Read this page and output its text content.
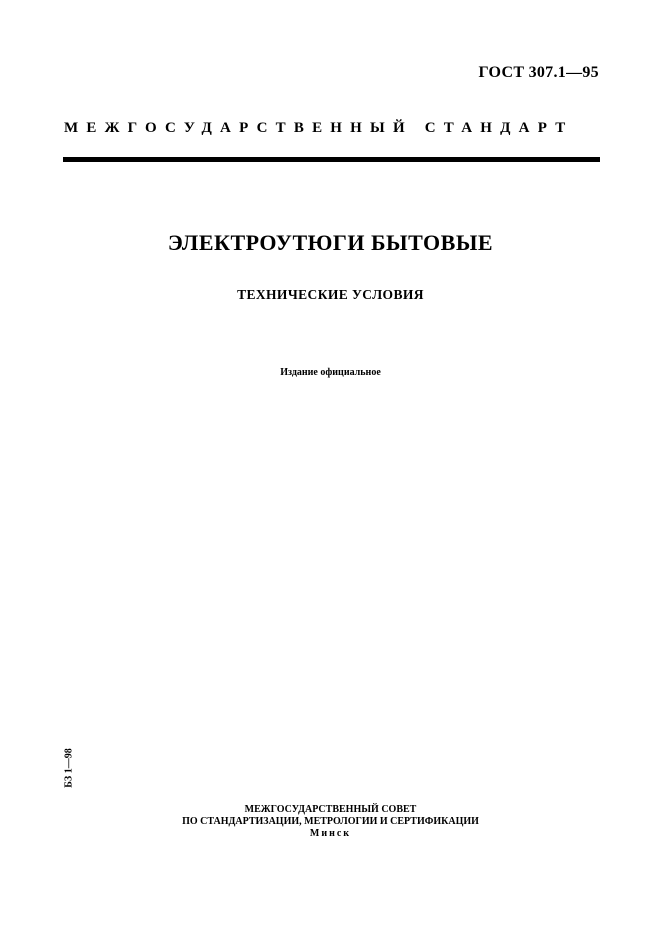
ГОСТ 307.1—95
МЕЖГОСУДАРСТВЕННЫЙ СТАНДАРТ
ЭЛЕКТРОУТЮГИ БЫТОВЫЕ
ТЕХНИЧЕСКИЕ УСЛОВИЯ
Издание официальное
БЗ 1—98
МЕЖГОСУДАРСТВЕННЫЙ СОВЕТ
ПО СТАНДАРТИЗАЦИИ, МЕТРОЛОГИИ И СЕРТИФИКАЦИИ
Минск
